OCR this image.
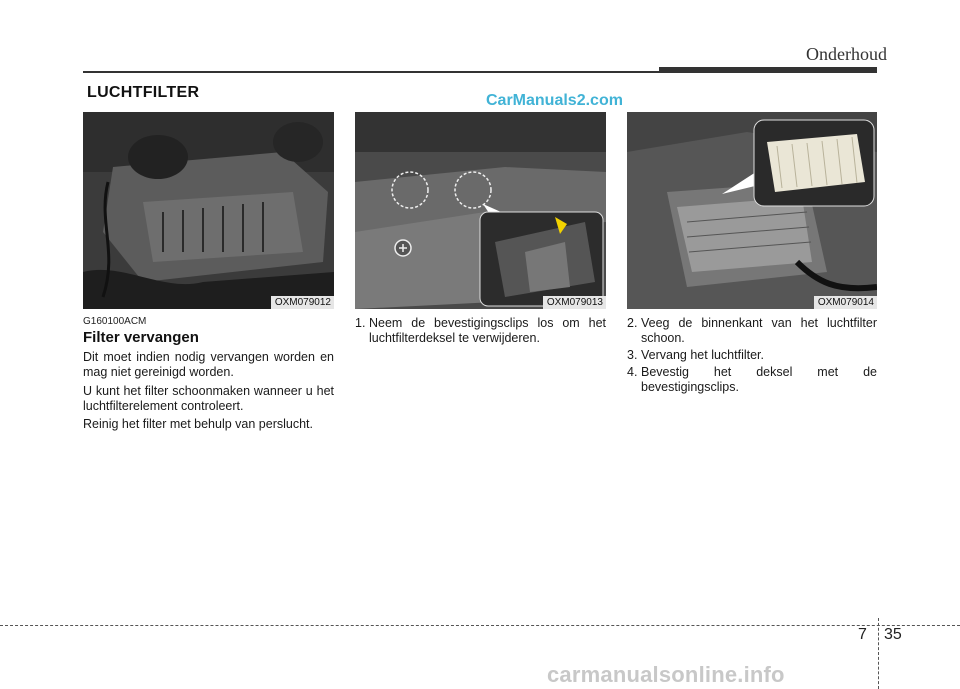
Onderhoud
LUCHTFILTER	CarManuals2.com
OXM079012	OXM079013	OXM079014
G160100ACM
Filter vervangen
Dit moet indien nodig vervangen worden en mag niet gereinigd worden.
U kunt het filter schoonmaken wanneer u het luchtfilterelement controleert.
Reinig het filter met behulp van perslucht.
1. Neem de bevestigingsclips los om het luchtfilterdeksel te verwijderen.
2. Veeg de binnenkant van het luchtfilter schoon.
3. Vervang het luchtfilter.
4. Bevestig het deksel met de bevestigingsclips.
7 35
carmanualsonline.info
